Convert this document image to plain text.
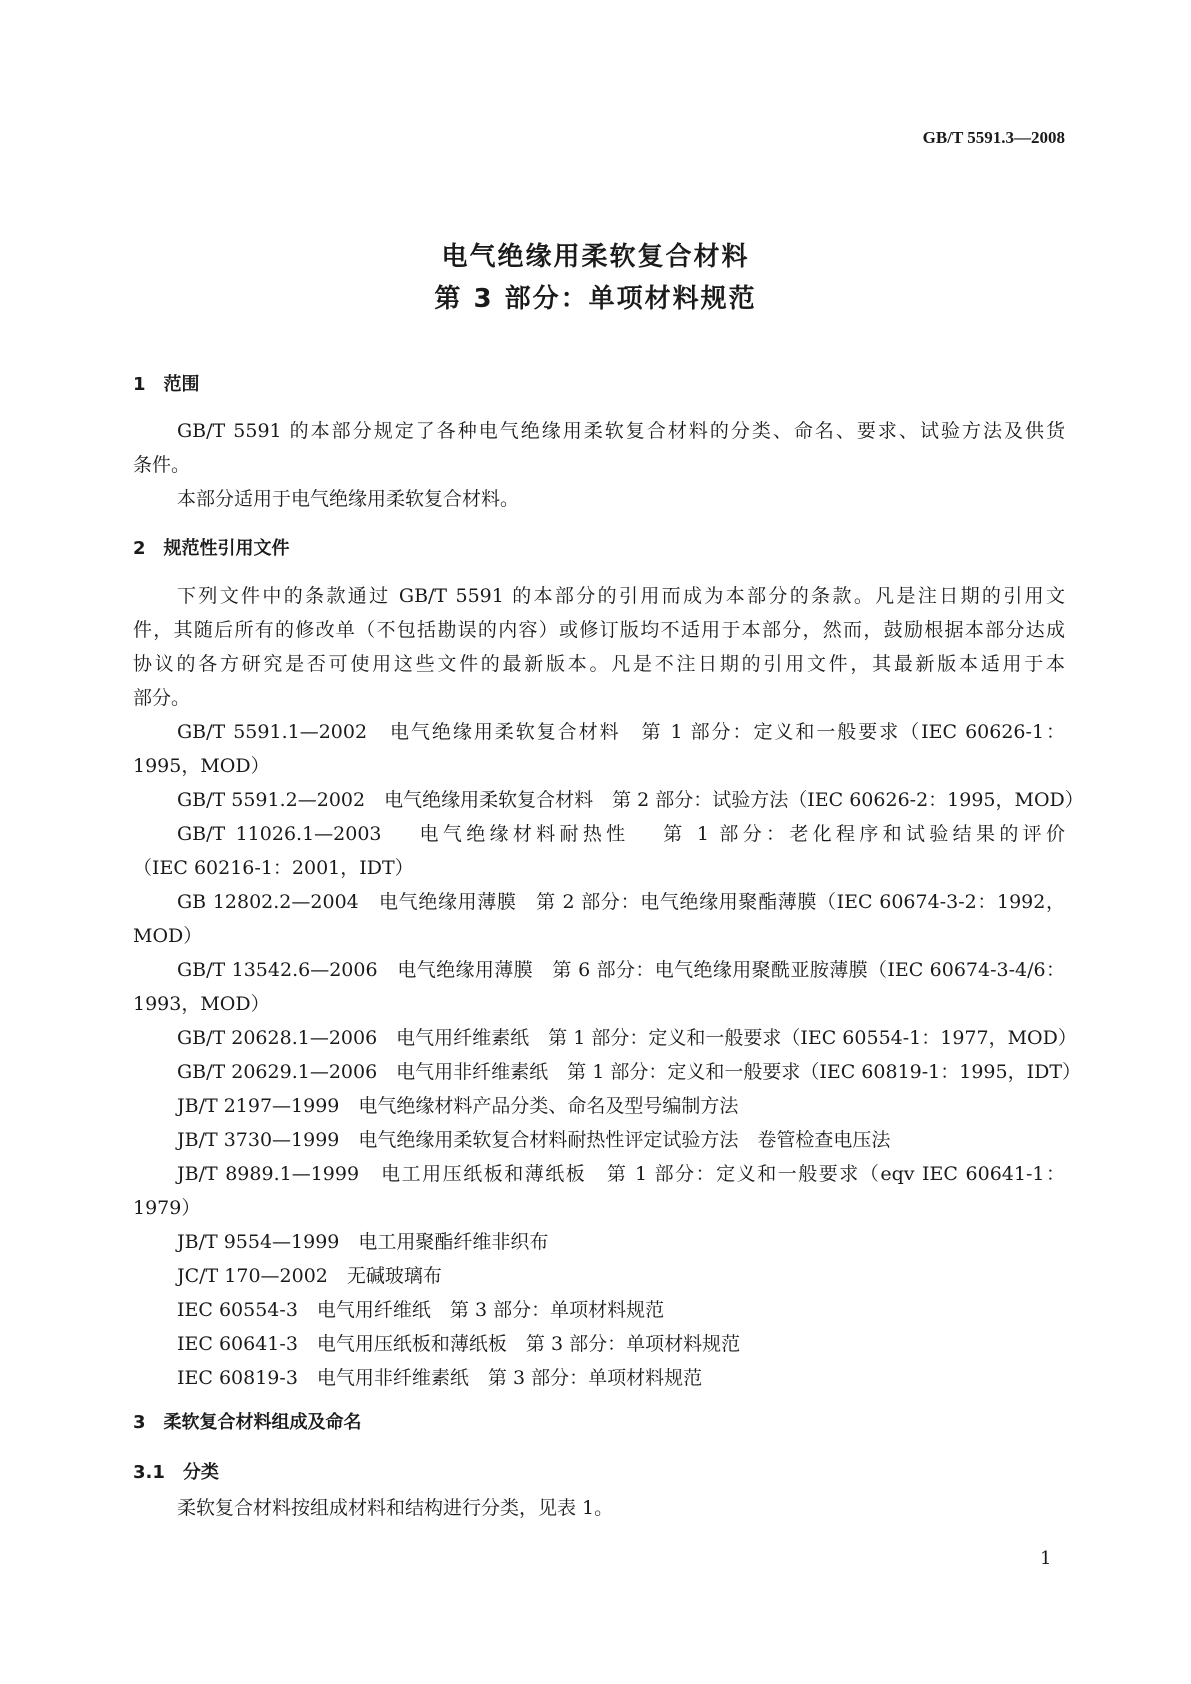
GB/T 5591.3—2008
电气绝缘用柔软复合材料
第 3 部分：单项材料规范
1
1　范围
GB/T 5591 的本部分规定了各种电气绝缘用柔软复合材料的分类、命名、要求、试验方法及供货
条件。
本部分适用于电气绝缘用柔软复合材料。
2　规范性引用文件
下列文件中的条款通过 GB/T 5591 的本部分的引用而成为本部分的条款。凡是注日期的引用文
件，其随后所有的修改单（不包括勘误的内容）或修订版均不适用于本部分，然而，鼓励根据本部分达成
协议的各方研究是否可使用这些文件的最新版本。凡是不注日期的引用文件，其最新版本适用于本
部分。
GB/T 5591.1—2002　电气绝缘用柔软复合材料　第 1 部分：定义和一般要求（IEC 60626-1：
1995，MOD）
GB/T 5591.2—2002　电气绝缘用柔软复合材料　第 2 部分：试验方法（IEC 60626-2：1995，MOD）
GB/T 11026.1—2003　 电气绝缘材料耐热性　 第 1 部分：老化程序和试验结果的评价
（IEC 60216-1：2001，IDT）
GB 12802.2—2004　电气绝缘用薄膜　第 2 部分：电气绝缘用聚酯薄膜（IEC 60674-3-2：1992，
MOD）
GB/T 13542.6—2006　电气绝缘用薄膜　第 6 部分：电气绝缘用聚酰亚胺薄膜（IEC 60674-3-4/6：
1993，MOD）
GB/T 20628.1—2006　电气用纤维素纸　第 1 部分：定义和一般要求（IEC 60554-1：1977，MOD）
GB/T 20629.1—2006　电气用非纤维素纸　第 1 部分：定义和一般要求（IEC 60819-1：1995，IDT）
JB/T 2197—1999　电气绝缘材料产品分类、命名及型号编制方法
JB/T 3730—1999　电气绝缘用柔软复合材料耐热性评定试验方法　卷管检查电压法
JB/T 8989.1—1999　电工用压纸板和薄纸板　第 1 部分：定义和一般要求（eqv IEC 60641-1：
1979）
JB/T 9554—1999　电工用聚酯纤维非织布
JC/T 170—2002　无碱玻璃布
IEC 60554-3　电气用纤维纸　第 3 部分：单项材料规范
IEC 60641-3　电气用压纸板和薄纸板　第 3 部分：单项材料规范
IEC 60819-3　电气用非纤维素纸　第 3 部分：单项材料规范
3　柔软复合材料组成及命名
3.1　分类
柔软复合材料按组成材料和结构进行分类，见表 1。
